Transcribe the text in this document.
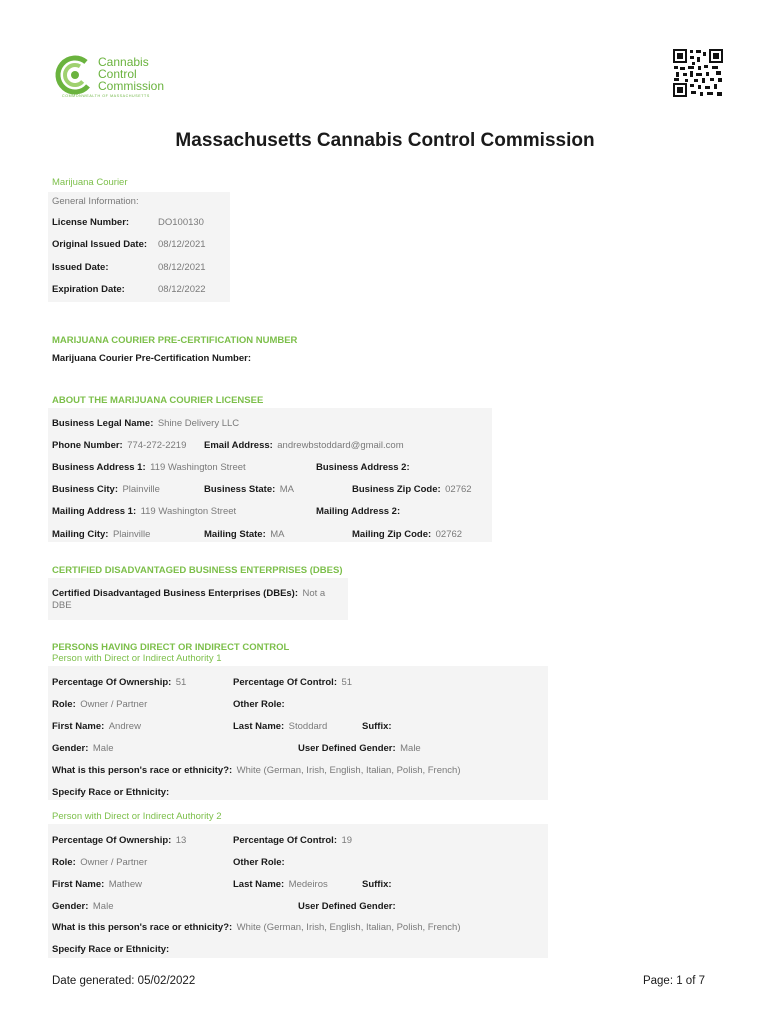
Cannabis
Control
Commission
COMMONWEALTH OF MASSACHUSETTS
Massachusetts Cannabis Control Commission
Marijuana Courier
General Information:
License Number:	DO100130
Original Issued Date: 08/12/2021
Issued Date:	08/12/2021
Expiration Date:	08/12/2022
MARIJUANA COURIER PRE-CERTIFICATION NUMBER
Marijuana Courier Pre-Certification Number:
ABOUT THE MARIJUANA COURIER LICENSEE
Business Legal Name: Shine Delivery LLC
Phone Number: 774-272-2219 Email Address: andrewbstoddard@gmail.com
Business Address 1: 119 Washington Street	Business Address 2:
Business City: Plainville	Business State: MA	Business Zip Code: 02762
Mailing Address 1: 119 Washington Street	Mailing Address 2:
Mailing City: Plainville	Mailing State: MA	Mailing Zip Code: 02762
CERTIFIED DISADVANTAGED BUSINESS ENTERPRISES (DBES)
Certified Disadvantaged Business Enterprises (DBEs): Not a
DBE
PERSONS HAVING DIRECT OR INDIRECT CONTROL
Person with Direct or Indirect Authority 1
Percentage Of Ownership: 51	Percentage Of Control: 51
Role: Owner / Partner	Other Role:
First Name: Andrew	Last Name: Stoddard	Suffix:
Gender: Male	User Defined Gender: Male
What is this person's race or ethnicity?: White (German, Irish, English, Italian, Polish, French)
Specify Race or Ethnicity:
Person with Direct or Indirect Authority 2
Percentage Of Ownership: 13	Percentage Of Control: 19
Role: Owner / Partner	Other Role:
First Name: Mathew	Last Name: Medeiros	Suffix:
Gender: Male	User Defined Gender:
What is this person's race or ethnicity?: White (German, Irish, English, Italian, Polish, French)
Specify Race or Ethnicity:
Date generated: 05/02/2022	Page: 1 of 7
